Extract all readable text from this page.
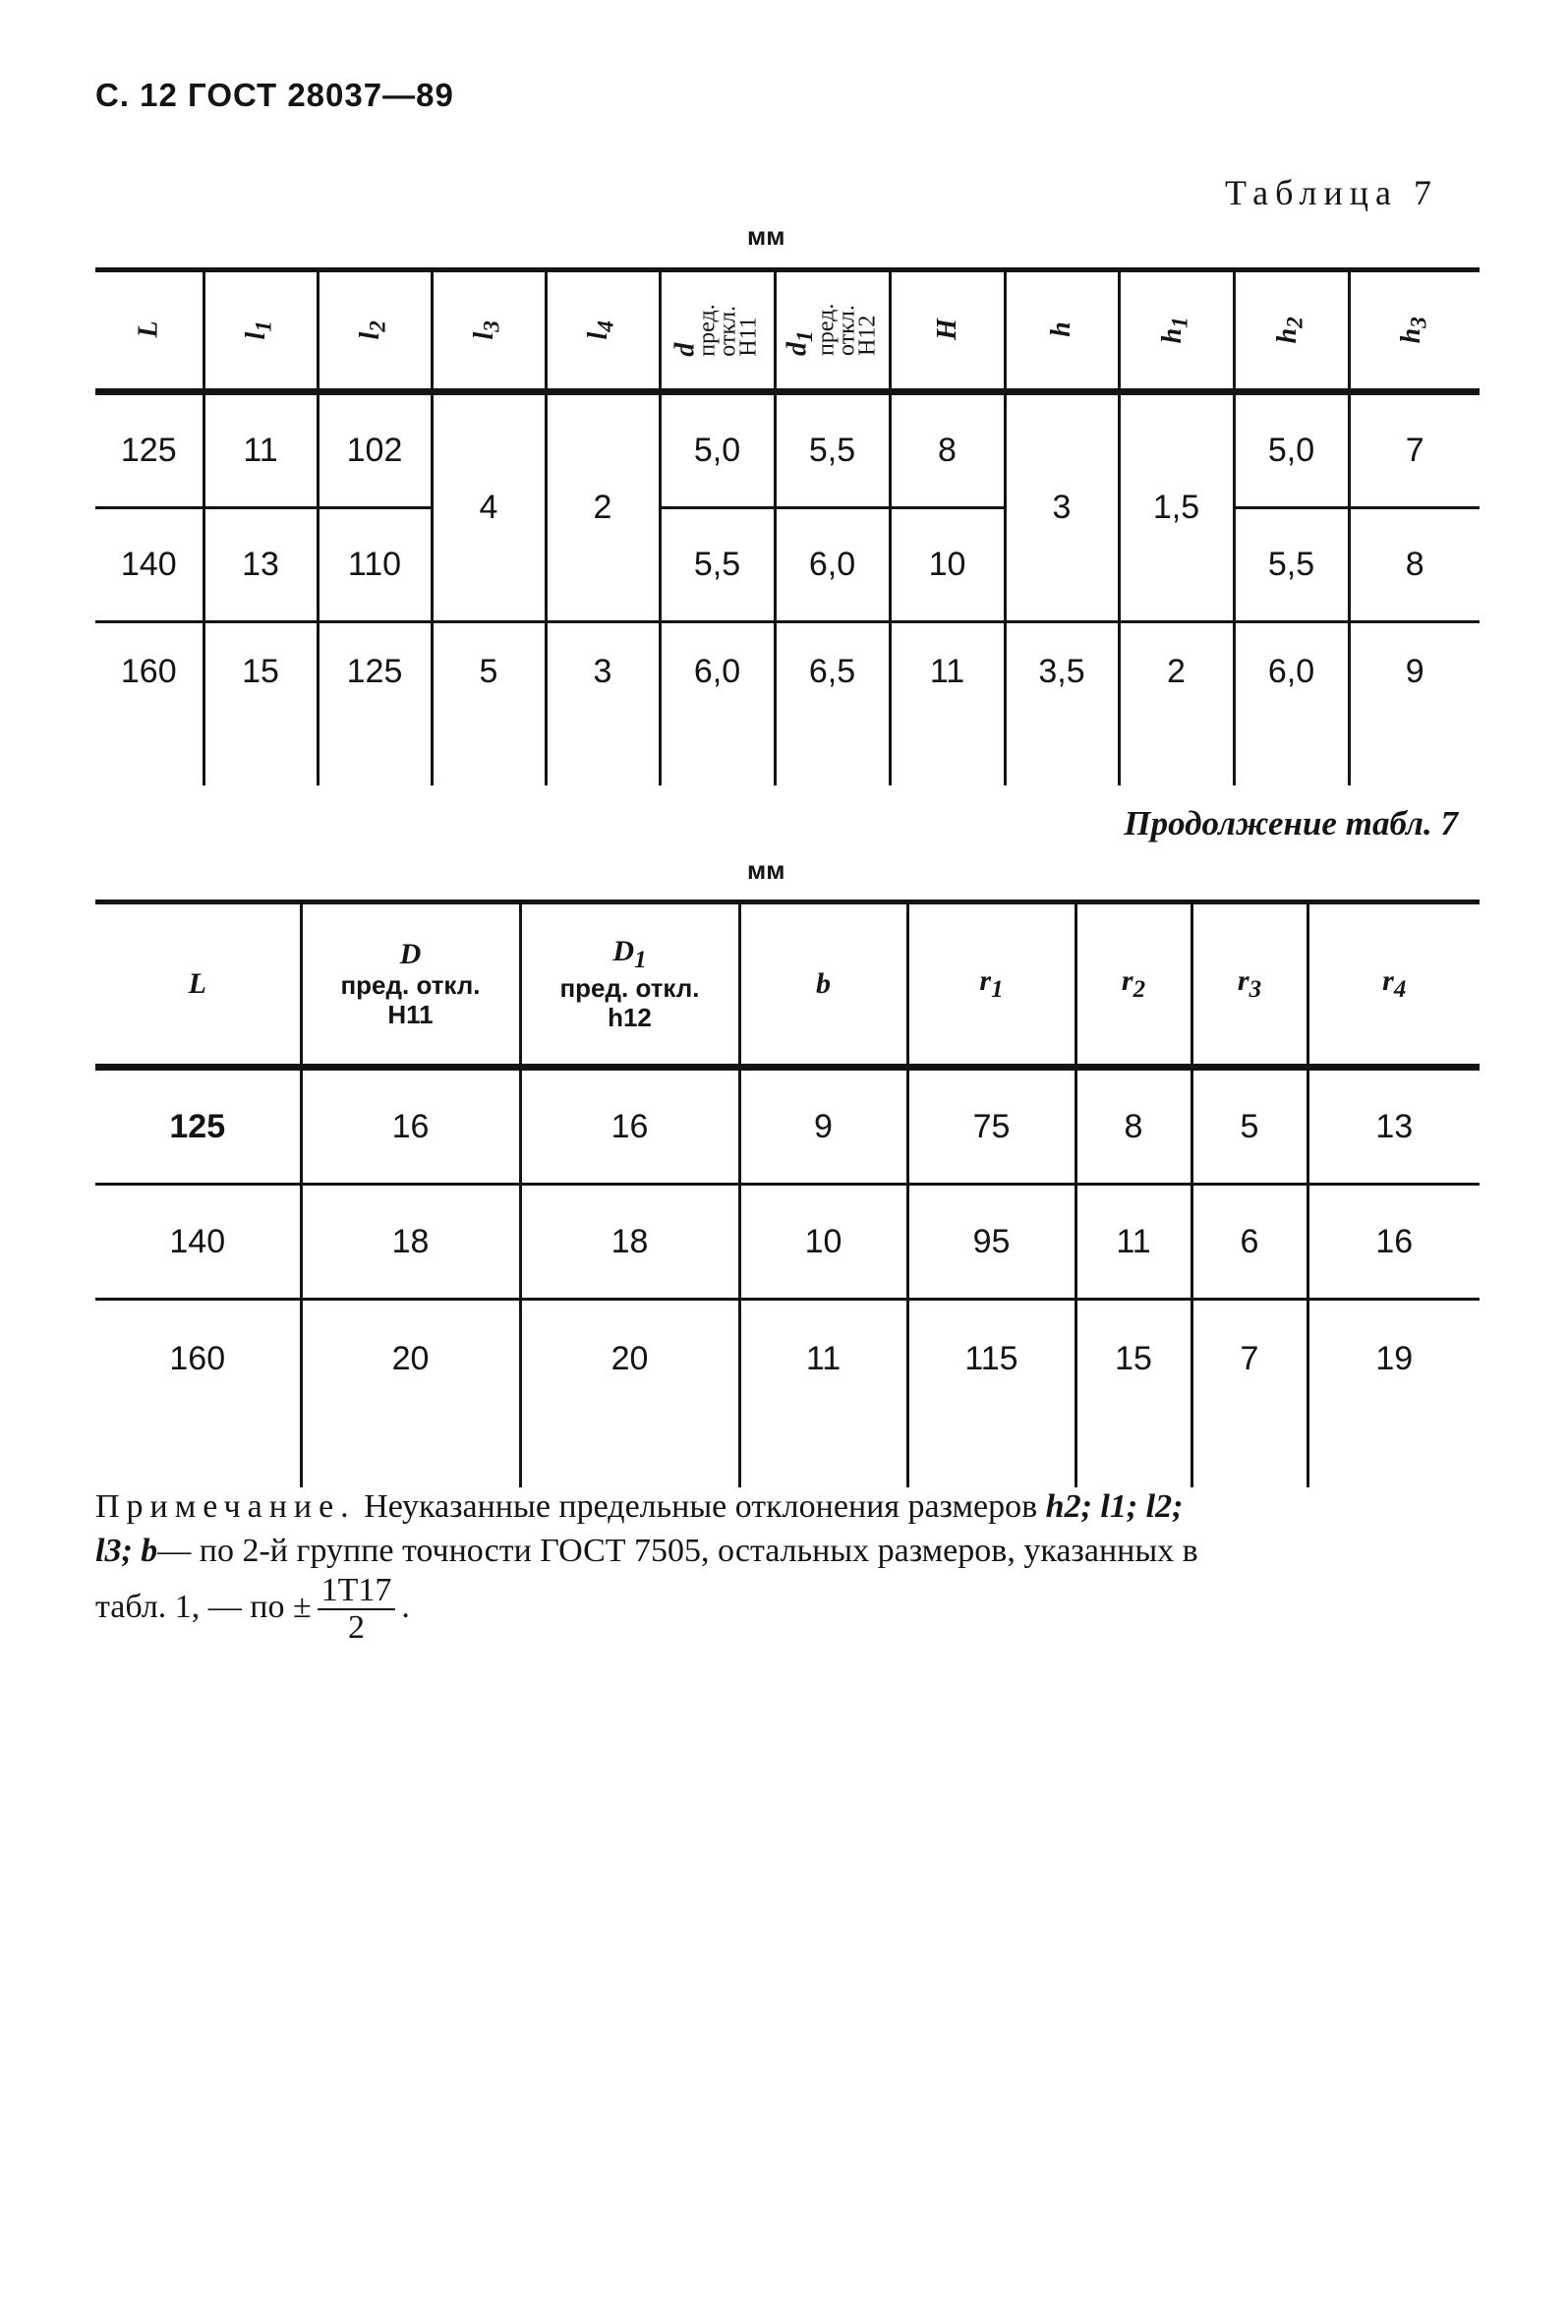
С. 12 ГОСТ 28037—89
Таблица 7
мм
L	$l_1$	$l_2$	$l_3$	$l_4$	d
пред.
откл.
H11	$d_1$
пред.
откл.
H12	H	h	$h_1$	$h_2$	$h_3$
125	11	102	4	2	5,0	5,5	8	3	1,5	5,0	7
140	13	110			5,5	6,0	10			5,5	8
160	15	125	5	3	6,0	6,5	11	3,5	2	6,0	9
Продолжение табл. 7
мм
L	D
пред. откл.
H11	$D_1$
пред. откл.
h12	b	$r_1$	$r_2$	$r_3$	$r_4$
125	16	16	9	75	8	5	13
140	18	18	10	95	11	6	16
160	20	20	11	115	15	7	19
Примечание. Неуказанные предельные отклонения размеров h2; l1; l2;
l3; b— по 2-й группе точности ГОСТ 7505, остальных размеров, указанных в
табл. 1, — по ± $\frac{1T17}{2}$ .
